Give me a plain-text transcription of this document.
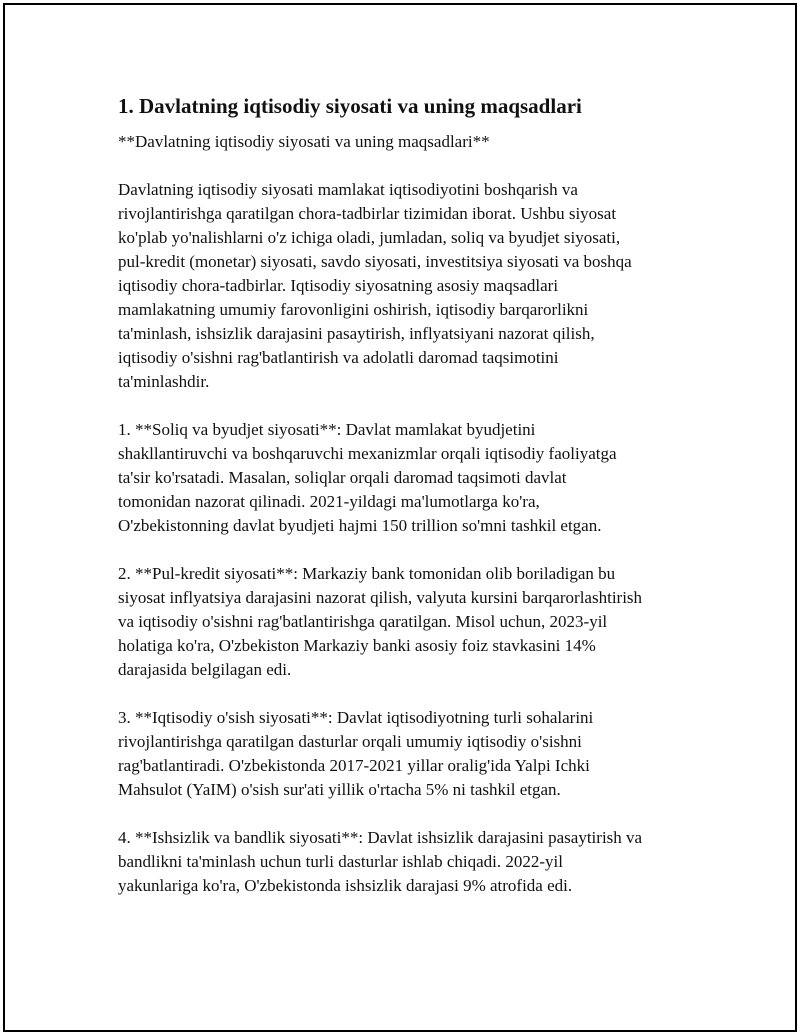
1. Davlatning iqtisodiy siyosati va uning maqsadlari

**Davlatning iqtisodiy siyosati va uning maqsadlari**

Davlatning iqtisodiy siyosati mamlakat iqtisodiyotini boshqarish va
rivojlantirishga qaratilgan chora-tadbirlar tizimidan iborat. Ushbu siyosat
ko'plab yo'nalishlarni o'z ichiga oladi, jumladan, soliq va byudjet siyosati,
pul-kredit (monetar) siyosati, savdo siyosati, investitsiya siyosati va boshqa
iqtisodiy chora-tadbirlar. Iqtisodiy siyosatning asosiy maqsadlari
mamlakatning umumiy farovonligini oshirish, iqtisodiy barqarorlikni
ta'minlash, ishsizlik darajasini pasaytirish, inflyatsiyani nazorat qilish,
iqtisodiy o'sishni rag'batlantirish va adolatli daromad taqsimotini
ta'minlashdir.

1. **Soliq va byudjet siyosati**: Davlat mamlakat byudjetini
shakllantiruvchi va boshqaruvchi mexanizmlar orqali iqtisodiy faoliyatga
ta'sir ko'rsatadi. Masalan, soliqlar orqali daromad taqsimoti davlat
tomonidan nazorat qilinadi. 2021-yildagi ma'lumotlarga ko'ra,
O'zbekistonning davlat byudjeti hajmi 150 trillion so'mni tashkil etgan.

2. **Pul-kredit siyosati**: Markaziy bank tomonidan olib boriladigan bu
siyosat inflyatsiya darajasini nazorat qilish, valyuta kursini barqarorlashtirish
va iqtisodiy o'sishni rag'batlantirishga qaratilgan. Misol uchun, 2023-yil
holatiga ko'ra, O'zbekiston Markaziy banki asosiy foiz stavkasini 14%
darajasida belgilagan edi.

3. **Iqtisodiy o'sish siyosati**: Davlat iqtisodiyotning turli sohalarini
rivojlantirishga qaratilgan dasturlar orqali umumiy iqtisodiy o'sishni
rag'batlantiradi. O'zbekistonda 2017-2021 yillar oralig'ida Yalpi Ichki
Mahsulot (YaIM) o'sish sur'ati yillik o'rtacha 5% ni tashkil etgan.

4. **Ishsizlik va bandlik siyosati**: Davlat ishsizlik darajasini pasaytirish va
bandlikni ta'minlash uchun turli dasturlar ishlab chiqadi. 2022-yil
yakunlariga ko'ra, O'zbekistonda ishsizlik darajasi 9% atrofida edi.
